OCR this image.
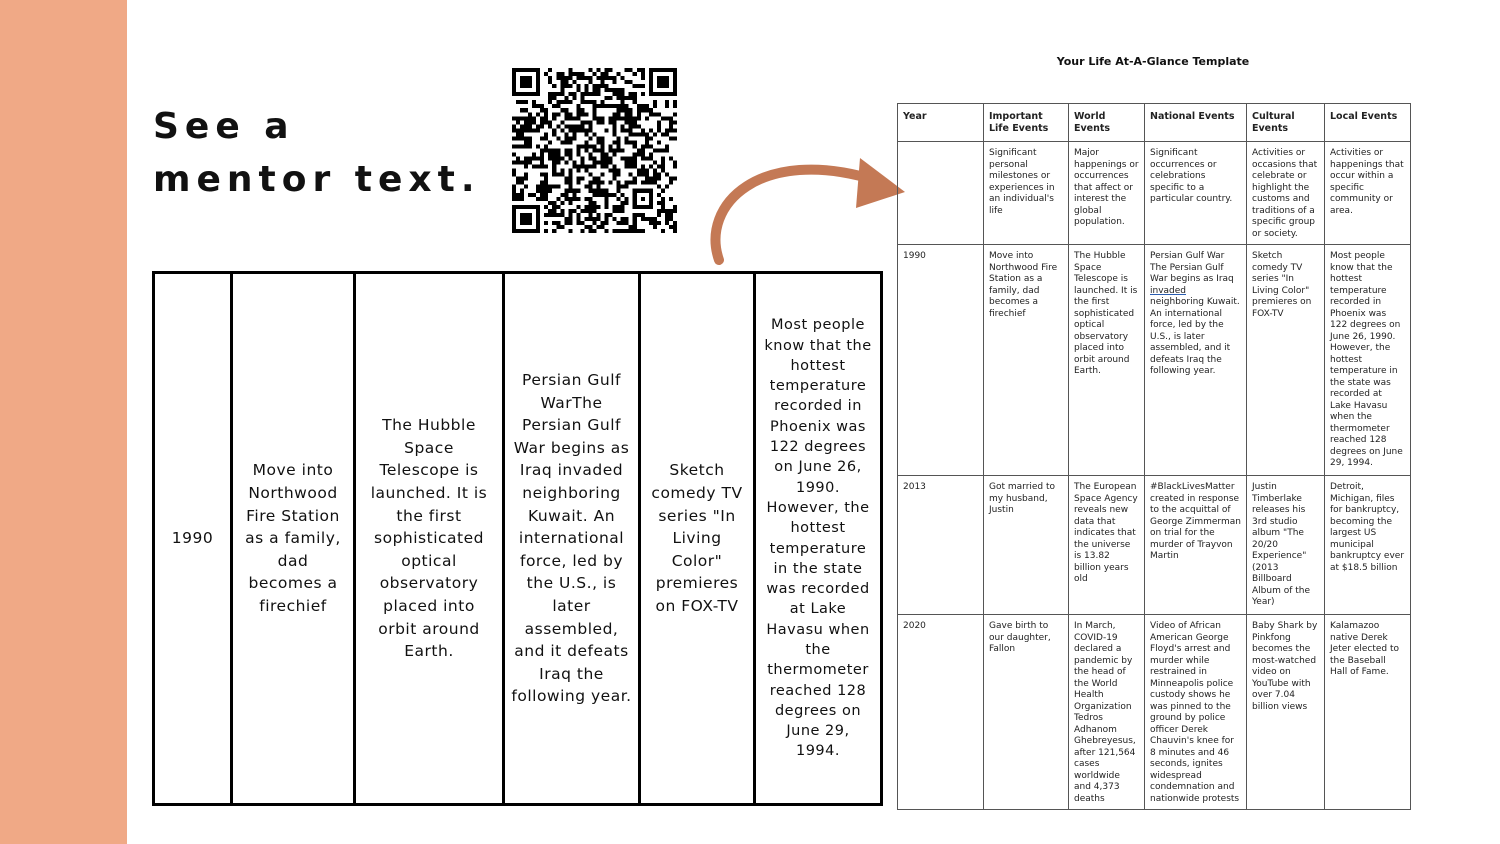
See a
mentor text.
1990	Move into Northwood Fire Station as a family, dad becomes a firechief	The Hubble Space Telescope is launched. It is the first sophisticated optical observatory placed into orbit around Earth.	Persian Gulf WarThe Persian Gulf War begins as Iraq invaded neighboring Kuwait. An international force, led by the U.S., is later assembled, and it defeats Iraq the following year.	Sketch comedy TV series "In Living Color" premieres on FOX-TV	Most people know that the hottest temperature recorded in Phoenix was 122 degrees on June 26, 1990. However, the hottest temperature in the state was recorded at Lake Havasu when the thermometer reached 128 degrees on June 29, 1994.
Your Life At-A-Glance Template
Year	Important Life Events	World Events	National Events	Cultural Events	Local Events
	Significant personal milestones or experiences in an individual's life	Major happenings or occurrences that affect or interest the global population.	Significant occurrences or celebrations specific to a particular country.	Activities or occasions that celebrate or highlight the customs and traditions of a specific group or society.	Activities or happenings that occur within a specific community or area.
1990	Move into Northwood Fire Station as a family, dad becomes a firechief	The Hubble Space Telescope is launched. It is the first sophisticated optical observatory placed into orbit around Earth.	Persian Gulf War The Persian Gulf War begins as Iraq invaded neighboring Kuwait. An international force, led by the U.S., is later assembled, and it defeats Iraq the following year.	Sketch comedy TV series "In Living Color" premieres on FOX-TV	Most people know that the hottest temperature recorded in Phoenix was 122 degrees on June 26, 1990. However, the hottest temperature in the state was recorded at Lake Havasu when the thermometer reached 128 degrees on June 29, 1994.
2013	Got married to my husband, Justin	The European Space Agency reveals new data that indicates that the universe is 13.82 billion years old	#BlackLivesMatter created in response to the acquittal of George Zimmerman on trial for the murder of Trayvon Martin	Justin Timberlake releases his 3rd studio album "The 20/20 Experience" (2013 Billboard Album of the Year)	Detroit, Michigan, files for bankruptcy, becoming the largest US municipal bankruptcy ever at $18.5 billion
2020	Gave birth to our daughter, Fallon	In March, COVID-19 declared a pandemic by the head of the World Health Organization Tedros Adhanom Ghebreyesus, after 121,564 cases worldwide and 4,373 deaths	Video of African American George Floyd's arrest and murder while restrained in Minneapolis police custody shows he was pinned to the ground by police officer Derek Chauvin's knee for 8 minutes and 46 seconds, ignites widespread condemnation and nationwide protests	Baby Shark by Pinkfong becomes the most-watched video on YouTube with over 7.04 billion views	Kalamazoo native Derek Jeter elected to the Baseball Hall of Fame.
